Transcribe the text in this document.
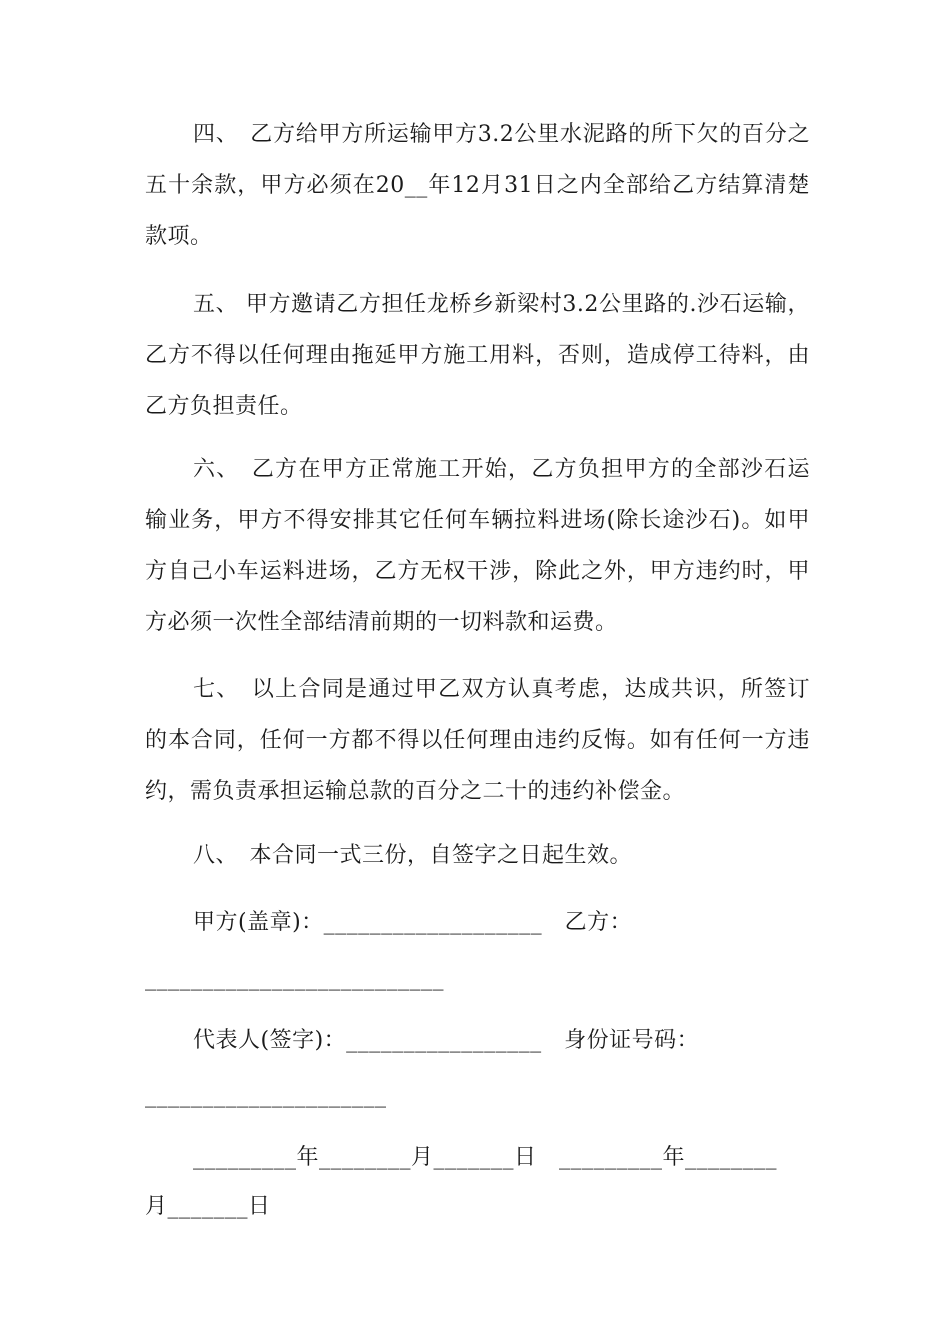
四、　乙方给甲方所运输甲方3.2公里水泥路的所下欠的百分之五十余款，甲方必须在20__年12月31日之内全部给乙方结算清楚款项。
五、 甲方邀请乙方担任龙桥乡新梁村3.2公里路的.沙石运输，乙方不得以任何理由拖延甲方施工用料，否则，造成停工待料，由乙方负担责任。
六、　乙方在甲方正常施工开始，乙方负担甲方的全部沙石运输业务，甲方不得安排其它任何车辆拉料进场(除长途沙石)。如甲方自己小车运料进场，乙方无权干涉，除此之外，甲方违约时，甲方必须一次性全部结清前期的一切料款和运费。
七、　以上合同是通过甲乙双方认真考虑，达成共识，所签订的本合同，任何一方都不得以任何理由违约反悔。如有任何一方违约，需负责承担运输总款的百分之二十的违约补偿金。
八、　本合同一式三份，自签字之日起生效。
甲方(盖章)：___________________　乙方：
__________________________
代表人(签字)：_________________　身份证号码：
_____________________
_________年________月_______日　_________年________
月_______日
